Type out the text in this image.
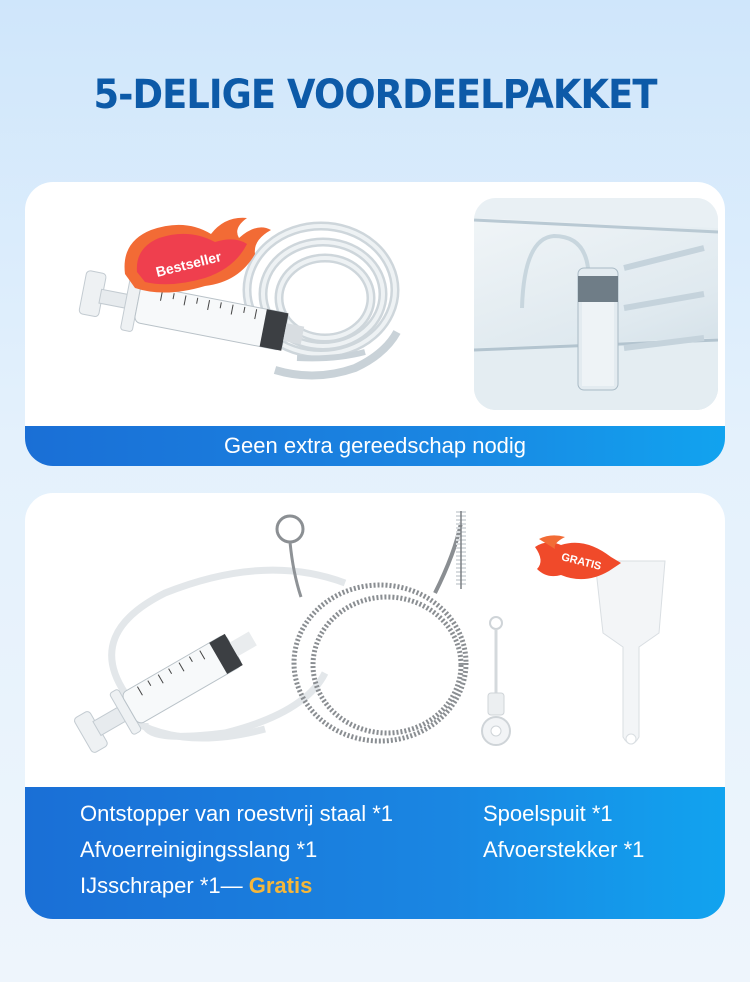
5-DELIGE VOORDEELPAKKET
Bestseller
Geen extra gereedschap nodig
GRATIS
Ontstopper van roestvrij staal *1	Spoelspuit *1
Afvoerreinigingsslang *1	Afvoerstekker *1
IJsschraper *1— Gratis
